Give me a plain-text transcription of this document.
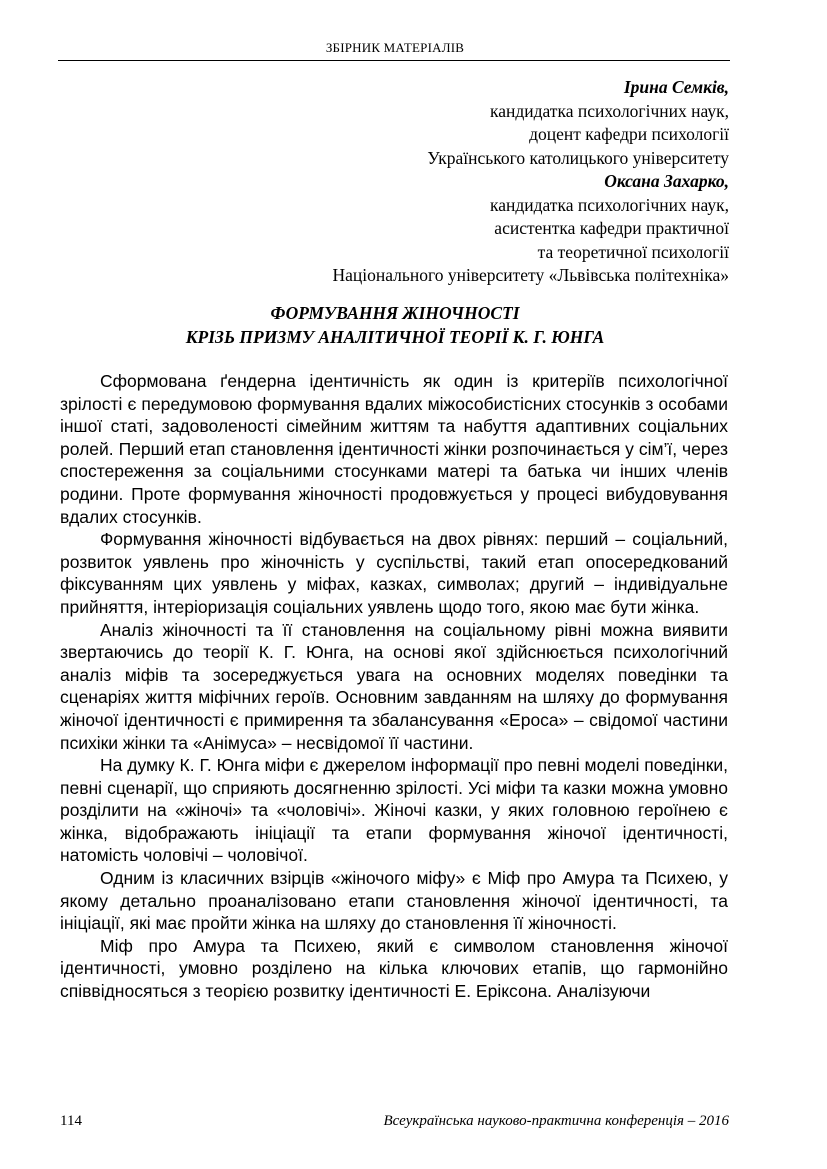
ЗБІРНИК МАТЕРІАЛІВ
Ірина Семків,
кандидатка психологічних наук,
доцент кафедри психології
Українського католицького університету
Оксана Захарко,
кандидатка психологічних наук,
асистентка кафедри практичної
та теоретичної психології
Національного університету «Львівська політехніка»
ФОРМУВАННЯ ЖІНОЧНОСТІ
КРІЗЬ ПРИЗМУ АНАЛІТИЧНОЇ ТЕОРІЇ К. Г. ЮНГА

Сформована ґендерна ідентичність як один із критеріїв психологічної зрілості є передумовою формування вдалих міжособистісних стосунків з особами іншої статі, задоволеності сімейним життям та набуття адаптивних соціальних ролей. Перший етап становлення ідентичності жінки розпочинається у сім’ї, через спостереження за соціальними стосунками матері та батька чи інших членів родини. Проте формування жіночності продовжується у процесі вибудовування вдалих стосунків.

Формування жіночності відбувається на двох рівнях: перший – соціальний, розвиток уявлень про жіночність у суспільстві, такий етап опосередкований фіксуванням цих уявлень у міфах, казках, символах; другий – індивідуальне прийняття, інтеріоризація соціальних уявлень щодо того, якою має бути жінка.

Аналіз жіночності та її становлення на соціальному рівні можна виявити звертаючись до теорії К. Г. Юнга, на основі якої здійснюється психологічний аналіз міфів та зосереджується увага на основних моделях поведінки та сценаріях життя міфічних героїв. Основним завданням на шляху до формування жіночої ідентичності є примирення та збалансування «Ероса» – свідомої частини психіки жінки та «Анімуса» – несвідомої її частини.

На думку К. Г. Юнга міфи є джерелом інформації про певні моделі поведінки, певні сценарії, що сприяють досягненню зрілості. Усі міфи та казки можна умовно розділити на «жіночі» та «чоловічі». Жіночі казки, у яких головною героїнею є жінка, відображають ініціації та етапи формування жіночої ідентичності, натомість чоловічі – чоловічої.

Одним із класичних взірців «жіночого міфу» є Міф про Амура та Психею, у якому детально проаналізовано етапи становлення жіночої ідентичності, та ініціації, які має пройти жінка на шляху до становлення її жіночності.

Міф про Амура та Психею, який є символом становлення жіночої ідентичності, умовно розділено на кілька ключових етапів, що гармонійно співвідносяться з теорією розвитку ідентичності Е. Еріксона. Аналізуючи

114	Всеукраїнська науково-практична конференція – 2016
